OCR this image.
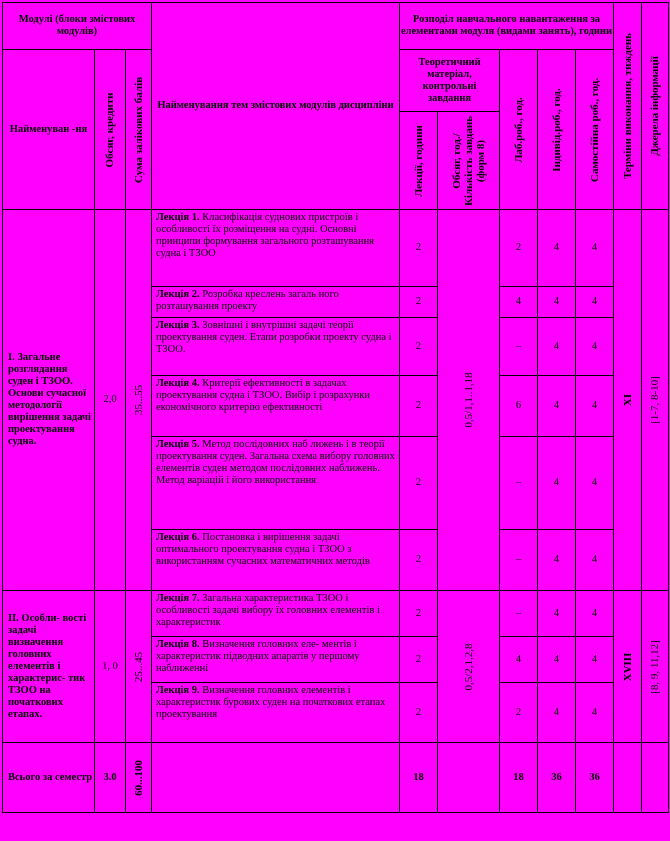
Модулі (блоки змістових модулів)			Найменування тем змістових модулів дисципліни	Розподіл навчального навантаження за елементами модуля (видами занять), години					Терміни виконання, тиждень	Джерела інформації

Найменуван -ня	Обсяг, кредити	Сума залікових балів		Теоретичний матеріал, контрольні завдання		Лаб.роб., год.	Індивід.роб., год.	Самостійна роб., год.		

				Лекції, години	Обсяг, год./Кількість завдань (форм 8)					

І. Загальне розглядання суден і ТЗОО. Основи сучасної методології вирішення задачі проектування судна.	2,0	35...55	Лекція 1. Класифікація суднових пристроїв і особливості їх розміщення на судні. Основні принципи формування загального розташування судна і ТЗОО	2	0,5/1,1..1,18	2	4	4	ХІ	[1-7, 8-10]

			Лекція 2. Розробка креслень загаль ного розташування проекту	2		4	4	4		
			Лекція 3. Зовнішні і внутрішні задачі теорії проектування суден. Етапи розробки проекту судна і ТЗОО.	2		–	4	4		
			Лекція 4. Критерії ефективності в задачах проектування судна і ТЗОО. Вибір і розрахунки економічного критерію ефективності	2		6	4	4		
			Лекція 5. Метод послідовних наб лижень і в теорії проектування суден. Загальна схема вибору головних елементів суден методом послідовних наближень. Метод варіацій і його використання	2		–	4	4		
			Лекція 6. Постановка і вирішення задачі оптимального проектування судна і ТЗОО з використанням сучасних математичних методів	2		–	4	4		
ІІ. Особли- вості задачі визначення головних елементів і характерис- тик ТЗОО на початкових етапах.	1, 0	25...45	Лекція 7. Загальна характеристика ТЗОО і особливості задачі вибору їх головних елементів і характеристик	2	0,5/2,1,2,8	–	4	4	ХVІІІ	[8, 9, 11,12]

			Лекція 8. Визначення головних еле- ментів і характеристик підводних апаратів у першому наближенні	2		4	4	4		
			Лекція 9. Визначення головних елементів і характеристик бурових суден на початкових етапах проектування	2		2	4	4		
Всього за семестр	3.0	60...100		18		18	36	36		
